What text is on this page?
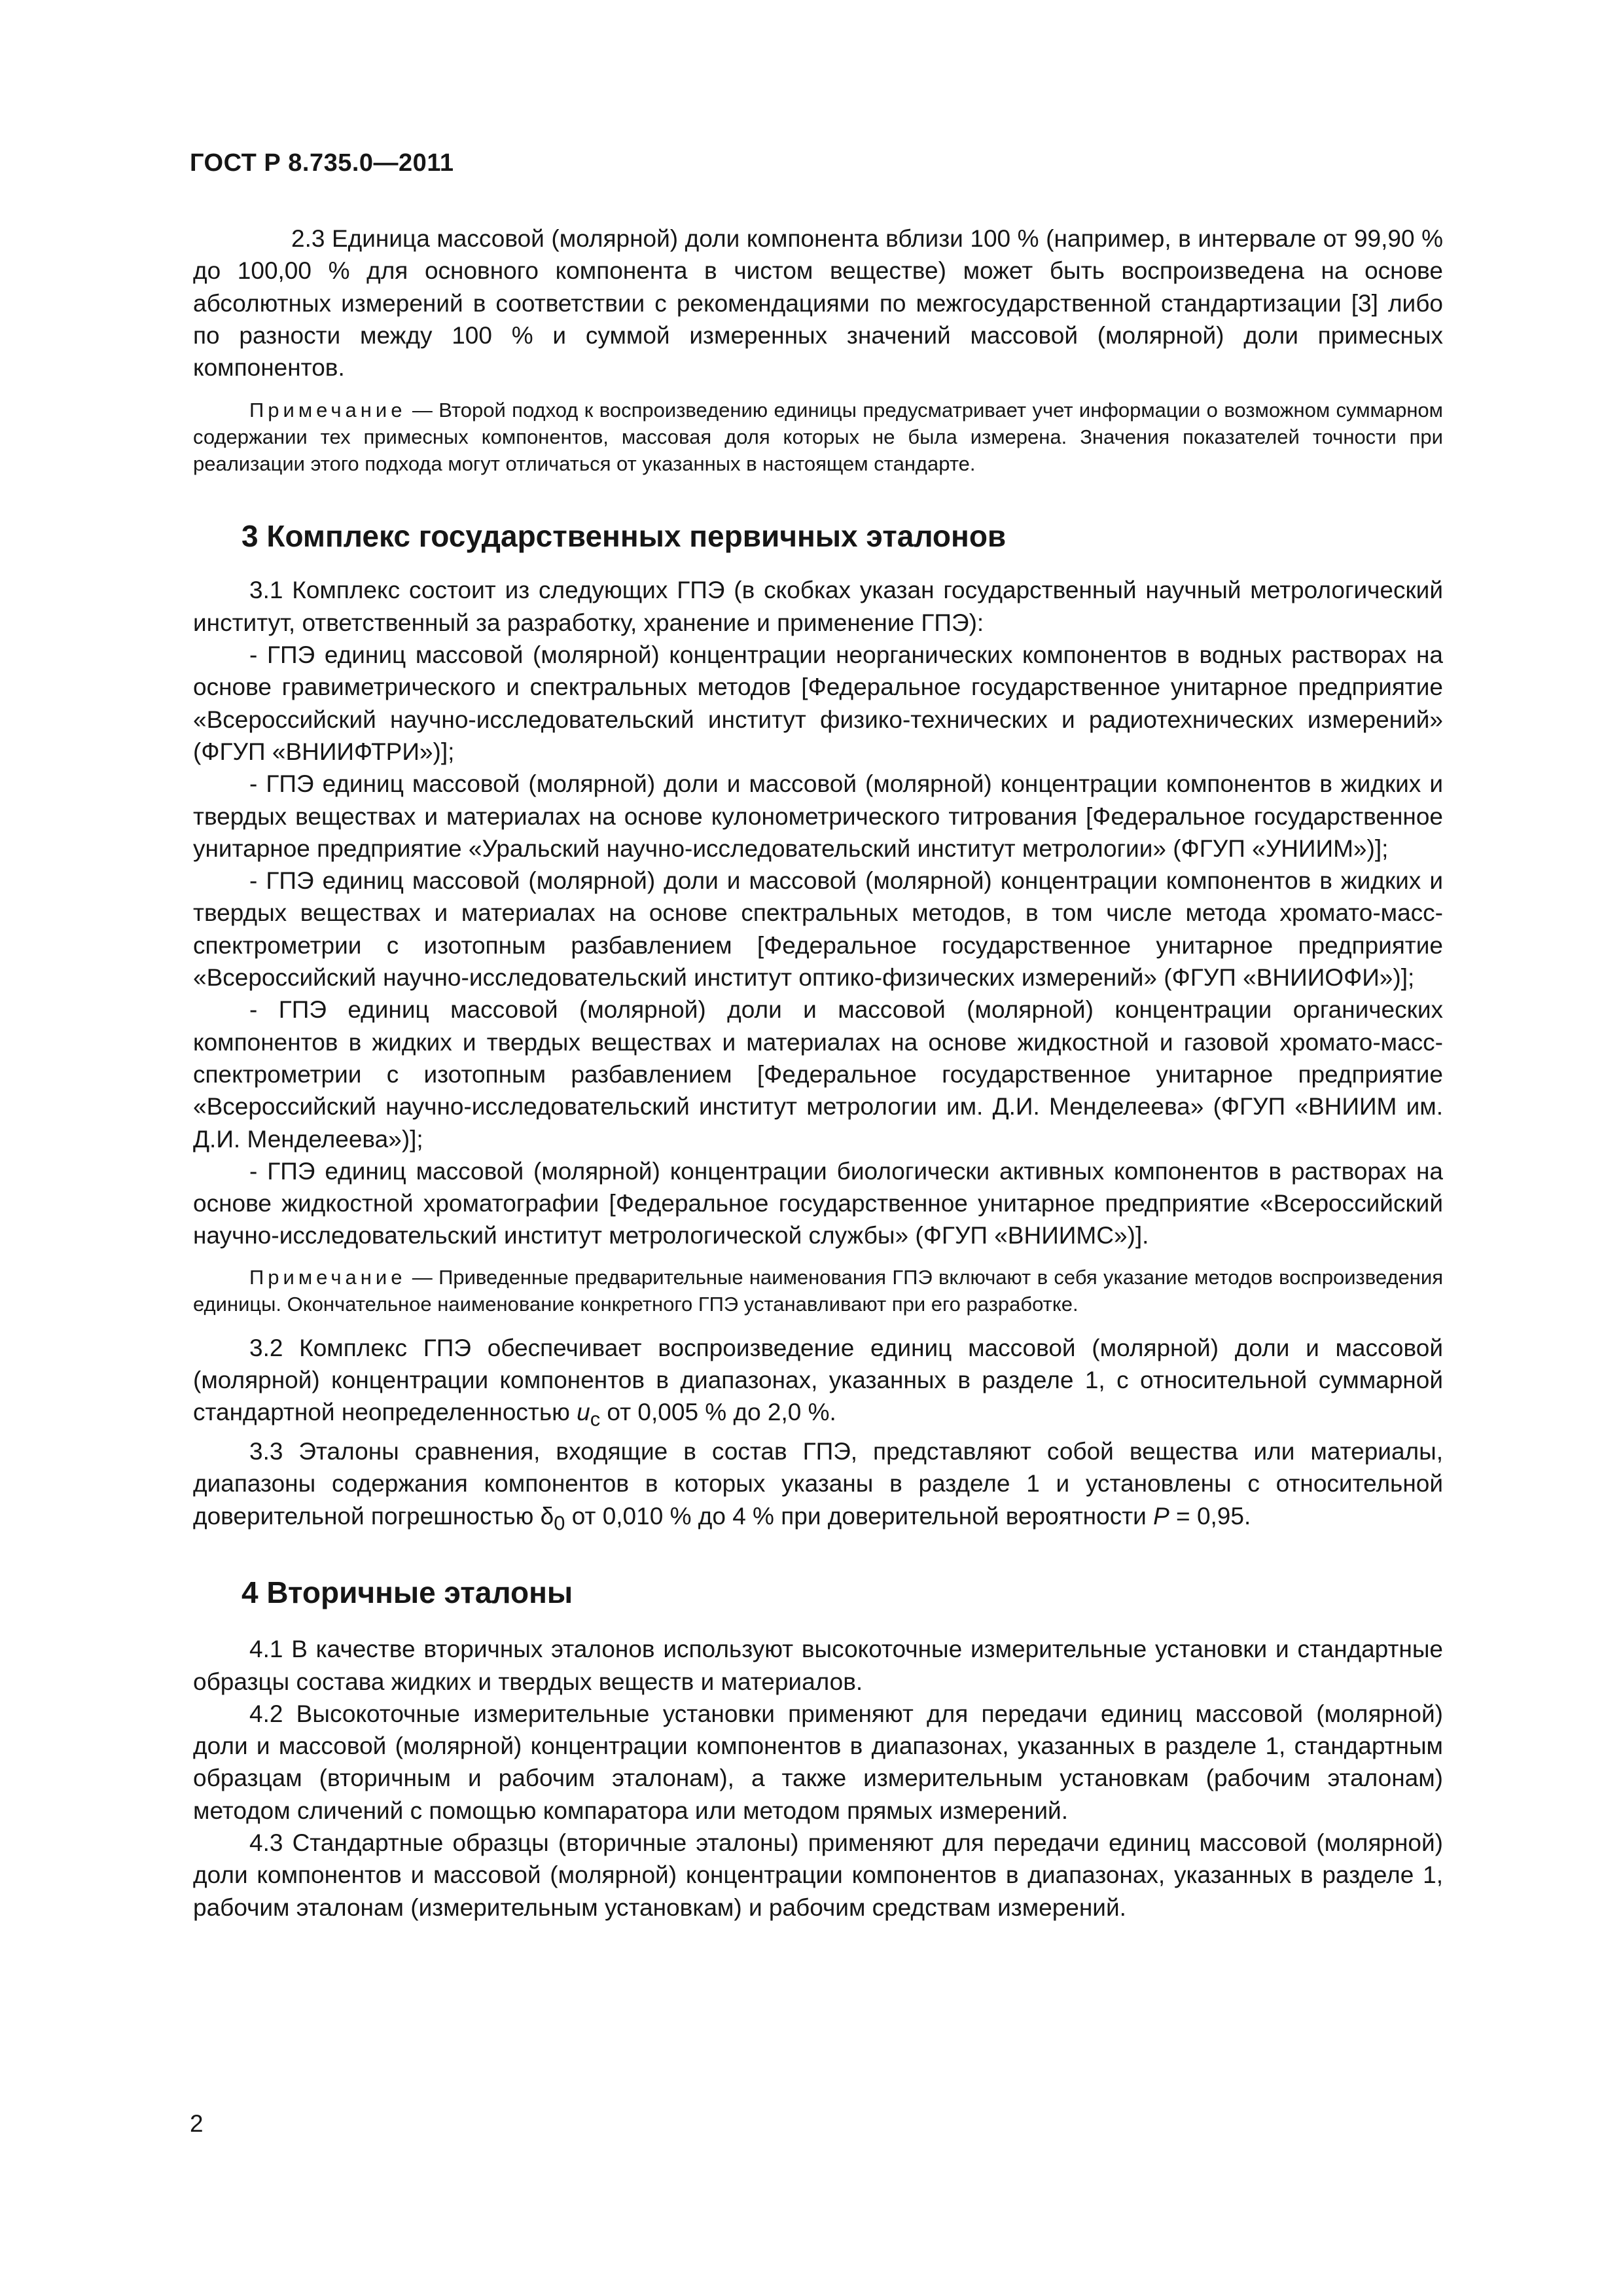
ГОСТ Р 8.735.0—2011

2.3 Единица массовой (молярной) доли компонента вблизи 100 % (например, в интервале от 99,90 % до 100,00 % для основного компонента в чистом веществе) может быть воспроизведена на основе абсолютных измерений в соответствии с рекомендациями по межгосударственной стандартизации [3] либо по разности между 100 % и суммой измеренных значений массовой (молярной) доли примесных компонентов.

Примечание — Второй подход к воспроизведению единицы предусматривает учет информации о возможном суммарном содержании тех примесных компонентов, массовая доля которых не была измерена. Значения показателей точности при реализации этого подхода могут отличаться от указанных в настоящем стандарте.

3 Комплекс государственных первичных эталонов

3.1 Комплекс состоит из следующих ГПЭ (в скобках указан государственный научный метрологический институт, ответственный за разработку, хранение и применение ГПЭ):

- ГПЭ единиц массовой (молярной) концентрации неорганических компонентов в водных растворах на основе гравиметрического и спектральных методов [Федеральное государственное унитарное предприятие «Всероссийский научно-исследовательский институт физико-технических и радиотехнических измерений» (ФГУП «ВНИИФТРИ»)];

- ГПЭ единиц массовой (молярной) доли и массовой (молярной) концентрации компонентов в жидких и твердых веществах и материалах на основе кулонометрического титрования [Федеральное государственное унитарное предприятие «Уральский научно-исследовательский институт метрологии» (ФГУП «УНИИМ»)];

- ГПЭ единиц массовой (молярной) доли и массовой (молярной) концентрации компонентов в жидких и твердых веществах и материалах на основе спектральных методов, в том числе метода хромато-масс-спектрометрии с изотопным разбавлением [Федеральное государственное унитарное предприятие «Всероссийский научно-исследовательский институт оптико-физических измерений» (ФГУП «ВНИИОФИ»)];

- ГПЭ единиц массовой (молярной) доли и массовой (молярной) концентрации органических компонентов в жидких и твердых веществах и материалах на основе жидкостной и газовой хромато-масс-спектрометрии с изотопным разбавлением [Федеральное государственное унитарное предприятие «Всероссийский научно-исследовательский институт метрологии им. Д.И. Менделеева» (ФГУП «ВНИИМ им. Д.И. Менделеева»)];

- ГПЭ единиц массовой (молярной) концентрации биологически активных компонентов в растворах на основе жидкостной хроматографии [Федеральное государственное унитарное предприятие «Всероссийский научно-исследовательский институт метрологической службы» (ФГУП «ВНИИМС»)].

Примечание — Приведенные предварительные наименования ГПЭ включают в себя указание методов воспроизведения единицы. Окончательное наименование конкретного ГПЭ устанавливают при его разработке.

3.2 Комплекс ГПЭ обеспечивает воспроизведение единиц массовой (молярной) доли и массовой (молярной) концентрации компонентов в диапазонах, указанных в разделе 1, с относительной суммарной стандартной неопределенностью $u_c$ от 0,005 % до 2,0 %.

3.3 Эталоны сравнения, входящие в состав ГПЭ, представляют собой вещества или материалы, диапазоны содержания компонентов в которых указаны в разделе 1 и установлены с относительной доверительной погрешностью $\delta_0$ от 0,010 % до 4 % при доверительной вероятности P = 0,95.

4 Вторичные эталоны

4.1 В качестве вторичных эталонов используют высокоточные измерительные установки и стандартные образцы состава жидких и твердых веществ и материалов.

4.2 Высокоточные измерительные установки применяют для передачи единиц массовой (молярной) доли и массовой (молярной) концентрации компонентов в диапазонах, указанных в разделе 1, стандартным образцам (вторичным и рабочим эталонам), а также измерительным установкам (рабочим эталонам) методом сличений с помощью компаратора или методом прямых измерений.

4.3 Стандартные образцы (вторичные эталоны) применяют для передачи единиц массовой (молярной) доли компонентов и массовой (молярной) концентрации компонентов в диапазонах, указанных в разделе 1, рабочим эталонам (измерительным установкам) и рабочим средствам измерений.

2
